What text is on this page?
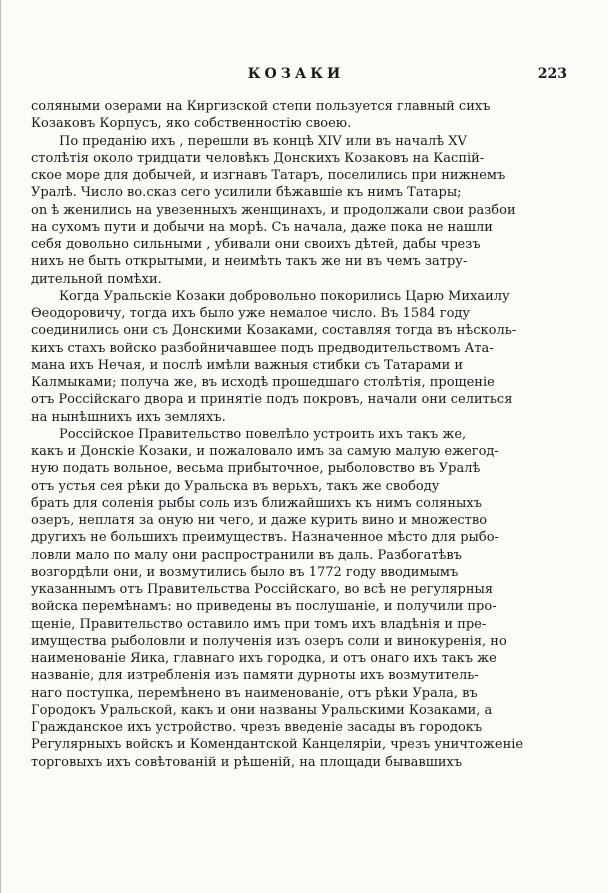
КОЗАКИ	223
соляными озерами на Киргизской степи пользуется главный сихъ
Козаковъ Корпусъ, яко собственностію своею.
По преданію ихъ , перешли въ концѣ XIV или въ началѣ XV
столѣтія около тридцати человѣкъ Донскихъ Козаковъ на Каспій-
ское море для добычей, и изгнавъ Татаръ, поселились при нижнемъ
Уралѣ. Число во.сказ сего усилили бѣжавшіе къ нимъ Татары;
on ѣ женились на увезенныхъ женщинахъ, и продолжали свои разбои
на сухомъ пути и добычи на морѣ. Съ начала, даже пока не нашли
себя довольно сильными , убивали они своихъ дѣтей, дабы чрезъ
нихъ не быть открытыми, и неимѣть такъ же ни въ чемъ затру-
дительной помѣхи.
Когда Уральскіе Козаки добровольно покорились Царю Михаилу
Ѳеодоровичу, тогда ихъ было уже немалое число. Въ 1584 году
соединились они съ Донскими Козаками, составляя тогда въ нѣсколь-
кихъ стахъ войско разбойничавшее подъ предводительствомъ Ата-
мана ихъ Нечая, и послѣ имѣли важныя стибки съ Татарами и
Калмыками; получа же, въ исходѣ прошедшаго столѣтія, прощеніе
отъ Россійскаго двора и принятіе подъ покровъ, начали они селиться
на нынѣшнихъ ихъ земляхъ.
Россійское Правительство повелѣло устроить ихъ такъ же,
какъ и Донскіе Козаки, и пожаловало имъ за самую малую ежегод-
ную подать вольное, весьма прибыточное, рыболовство въ Уралѣ
отъ устья сея рѣки до Уральска въ верьхъ, такъ же свободу
брать для соленія рыбы соль изъ ближайшихъ къ нимъ соляныхъ
озеръ, неплатя за оную ни чего, и даже курить вино и множество
другихъ не большихъ преимуществъ. Назначенное мѣсто для рыбо-
ловли мало по малу они распространили въ даль. Разбогатѣвъ
возгордѣли они, и возмутились было въ 1772 году вводимымъ
указаннымъ отъ Правительства Россійскаго, во всѣ не регулярныя
войска перемѣнамъ: но приведены въ послушаніе, и получили про-
щеніе, Правительство оставило имъ при томъ ихъ владѣнія и пре-
имущества рыболовли и полученія изъ озеръ соли и винокуренія, но
наименованіе Яика, главнаго ихъ городка, и отъ онаго ихъ такъ же
названіе, для изтребленія изъ памяти дурноты ихъ возмутитель-
наго поступка, перемѣнено въ наименованіе, отъ рѣки Урала, въ
Городокъ Уральской, какъ и они названы Уральскими Козаками, а
Гражданское ихъ устройство. чрезъ введеніе засады въ городокъ
Регулярныхъ войскъ и Комендантской Канцеляріи, чрезъ уничтоженіе
торговыхъ ихъ совѣтованій и рѣшеній, на площади бывавшихъ
